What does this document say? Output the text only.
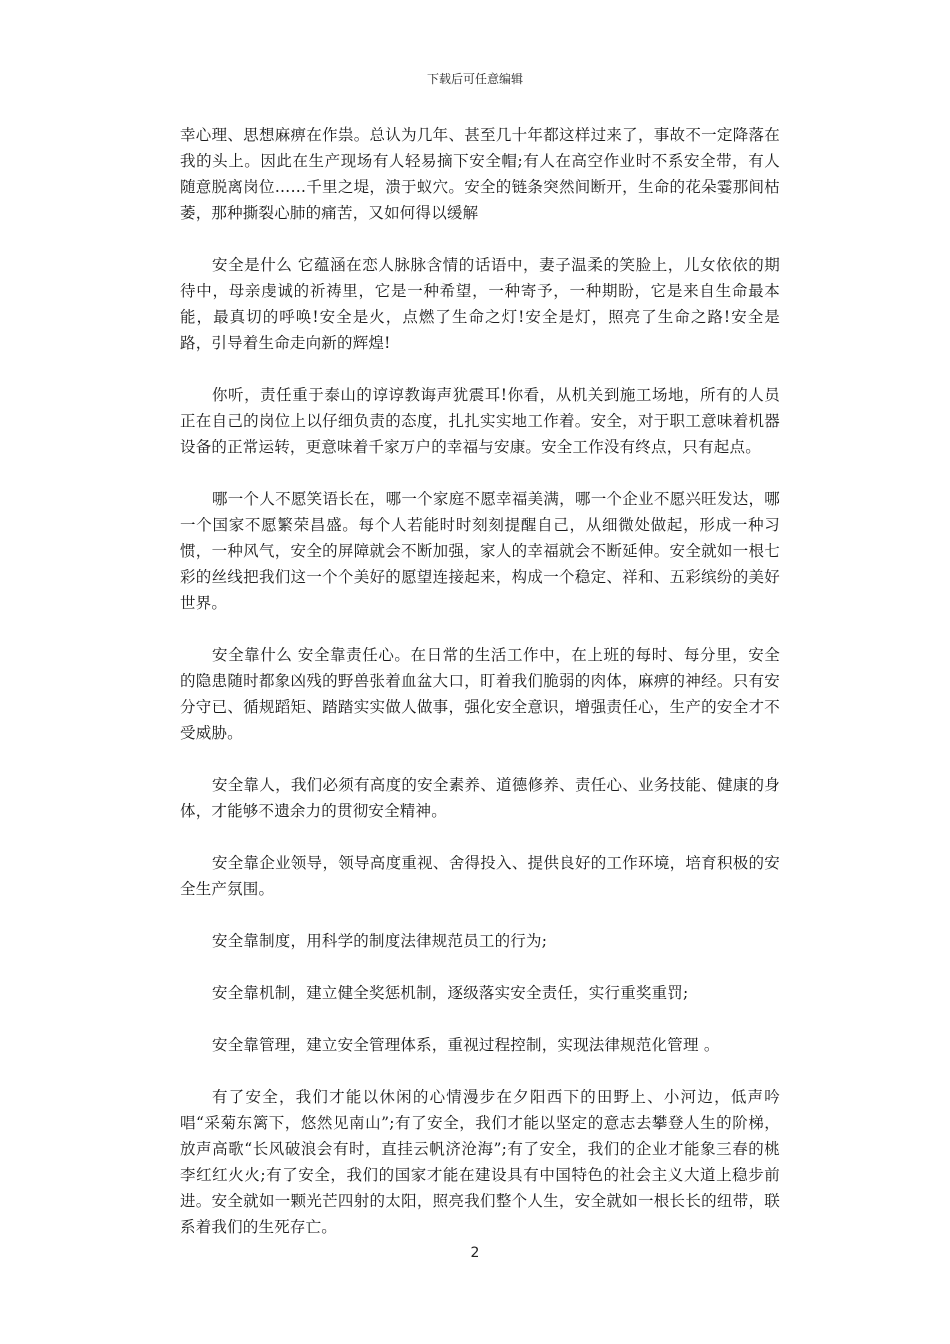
下载后可任意编辑

幸心理、思想麻痹在作祟。总认为几年、甚至几十年都这样过来了，事故不一定降落在我的头上。因此在生产现场有人轻易摘下安全帽;有人在高空作业时不系安全带，有人随意脱离岗位……千里之堤，溃于蚁穴。安全的链条突然间断开，生命的花朵霎那间枯萎，那种撕裂心肺的痛苦，又如何得以缓解

安全是什么 它蕴涵在恋人脉脉含情的话语中，妻子温柔的笑脸上，儿女依依的期待中，母亲虔诚的祈祷里，它是一种希望，一种寄予，一种期盼，它是来自生命最本能，最真切的呼唤!安全是火，点燃了生命之灯!安全是灯，照亮了生命之路!安全是路，引导着生命走向新的辉煌!

你听，责任重于泰山的谆谆教诲声犹震耳!你看，从机关到施工场地，所有的人员正在自己的岗位上以仔细负责的态度，扎扎实实地工作着。安全，对于职工意味着机器设备的正常运转，更意味着千家万户的幸福与安康。安全工作没有终点，只有起点。

哪一个人不愿笑语长在，哪一个家庭不愿幸福美满，哪一个企业不愿兴旺发达，哪一个国家不愿繁荣昌盛。每个人若能时时刻刻提醒自己，从细微处做起，形成一种习惯，一种风气，安全的屏障就会不断加强，家人的幸福就会不断延伸。安全就如一根七彩的丝线把我们这一个个美好的愿望连接起来，构成一个稳定、祥和、五彩缤纷的美好世界。

安全靠什么 安全靠责任心。在日常的生活工作中，在上班的每时、每分里，安全的隐患随时都象凶残的野兽张着血盆大口，盯着我们脆弱的肉体，麻痹的神经。只有安分守已、循规蹈矩、踏踏实实做人做事，强化安全意识，增强责任心，生产的安全才不受威胁。

安全靠人，我们必须有高度的安全素养、道德修养、责任心、业务技能、健康的身体，才能够不遗余力的贯彻安全精神。

安全靠企业领导，领导高度重视、舍得投入、提供良好的工作环境，培育积极的安全生产氛围。

安全靠制度，用科学的制度法律规范员工的行为;

安全靠机制，建立健全奖惩机制，逐级落实安全责任，实行重奖重罚;

安全靠管理，建立安全管理体系，重视过程控制，实现法律规范化管理 。

有了安全，我们才能以休闲的心情漫步在夕阳西下的田野上、小河边，低声吟唱“采菊东篱下，悠然见南山”;有了安全，我们才能以坚定的意志去攀登人生的阶梯，放声高歌“长风破浪会有时，直挂云帆济沧海”;有了安全，我们的企业才能象三春的桃李红红火火;有了安全，我们的国家才能在建设具有中国特色的社会主义大道上稳步前进。安全就如一颗光芒四射的太阳，照亮我们整个人生，安全就如一根长长的纽带，联系着我们的生死存亡。

2
